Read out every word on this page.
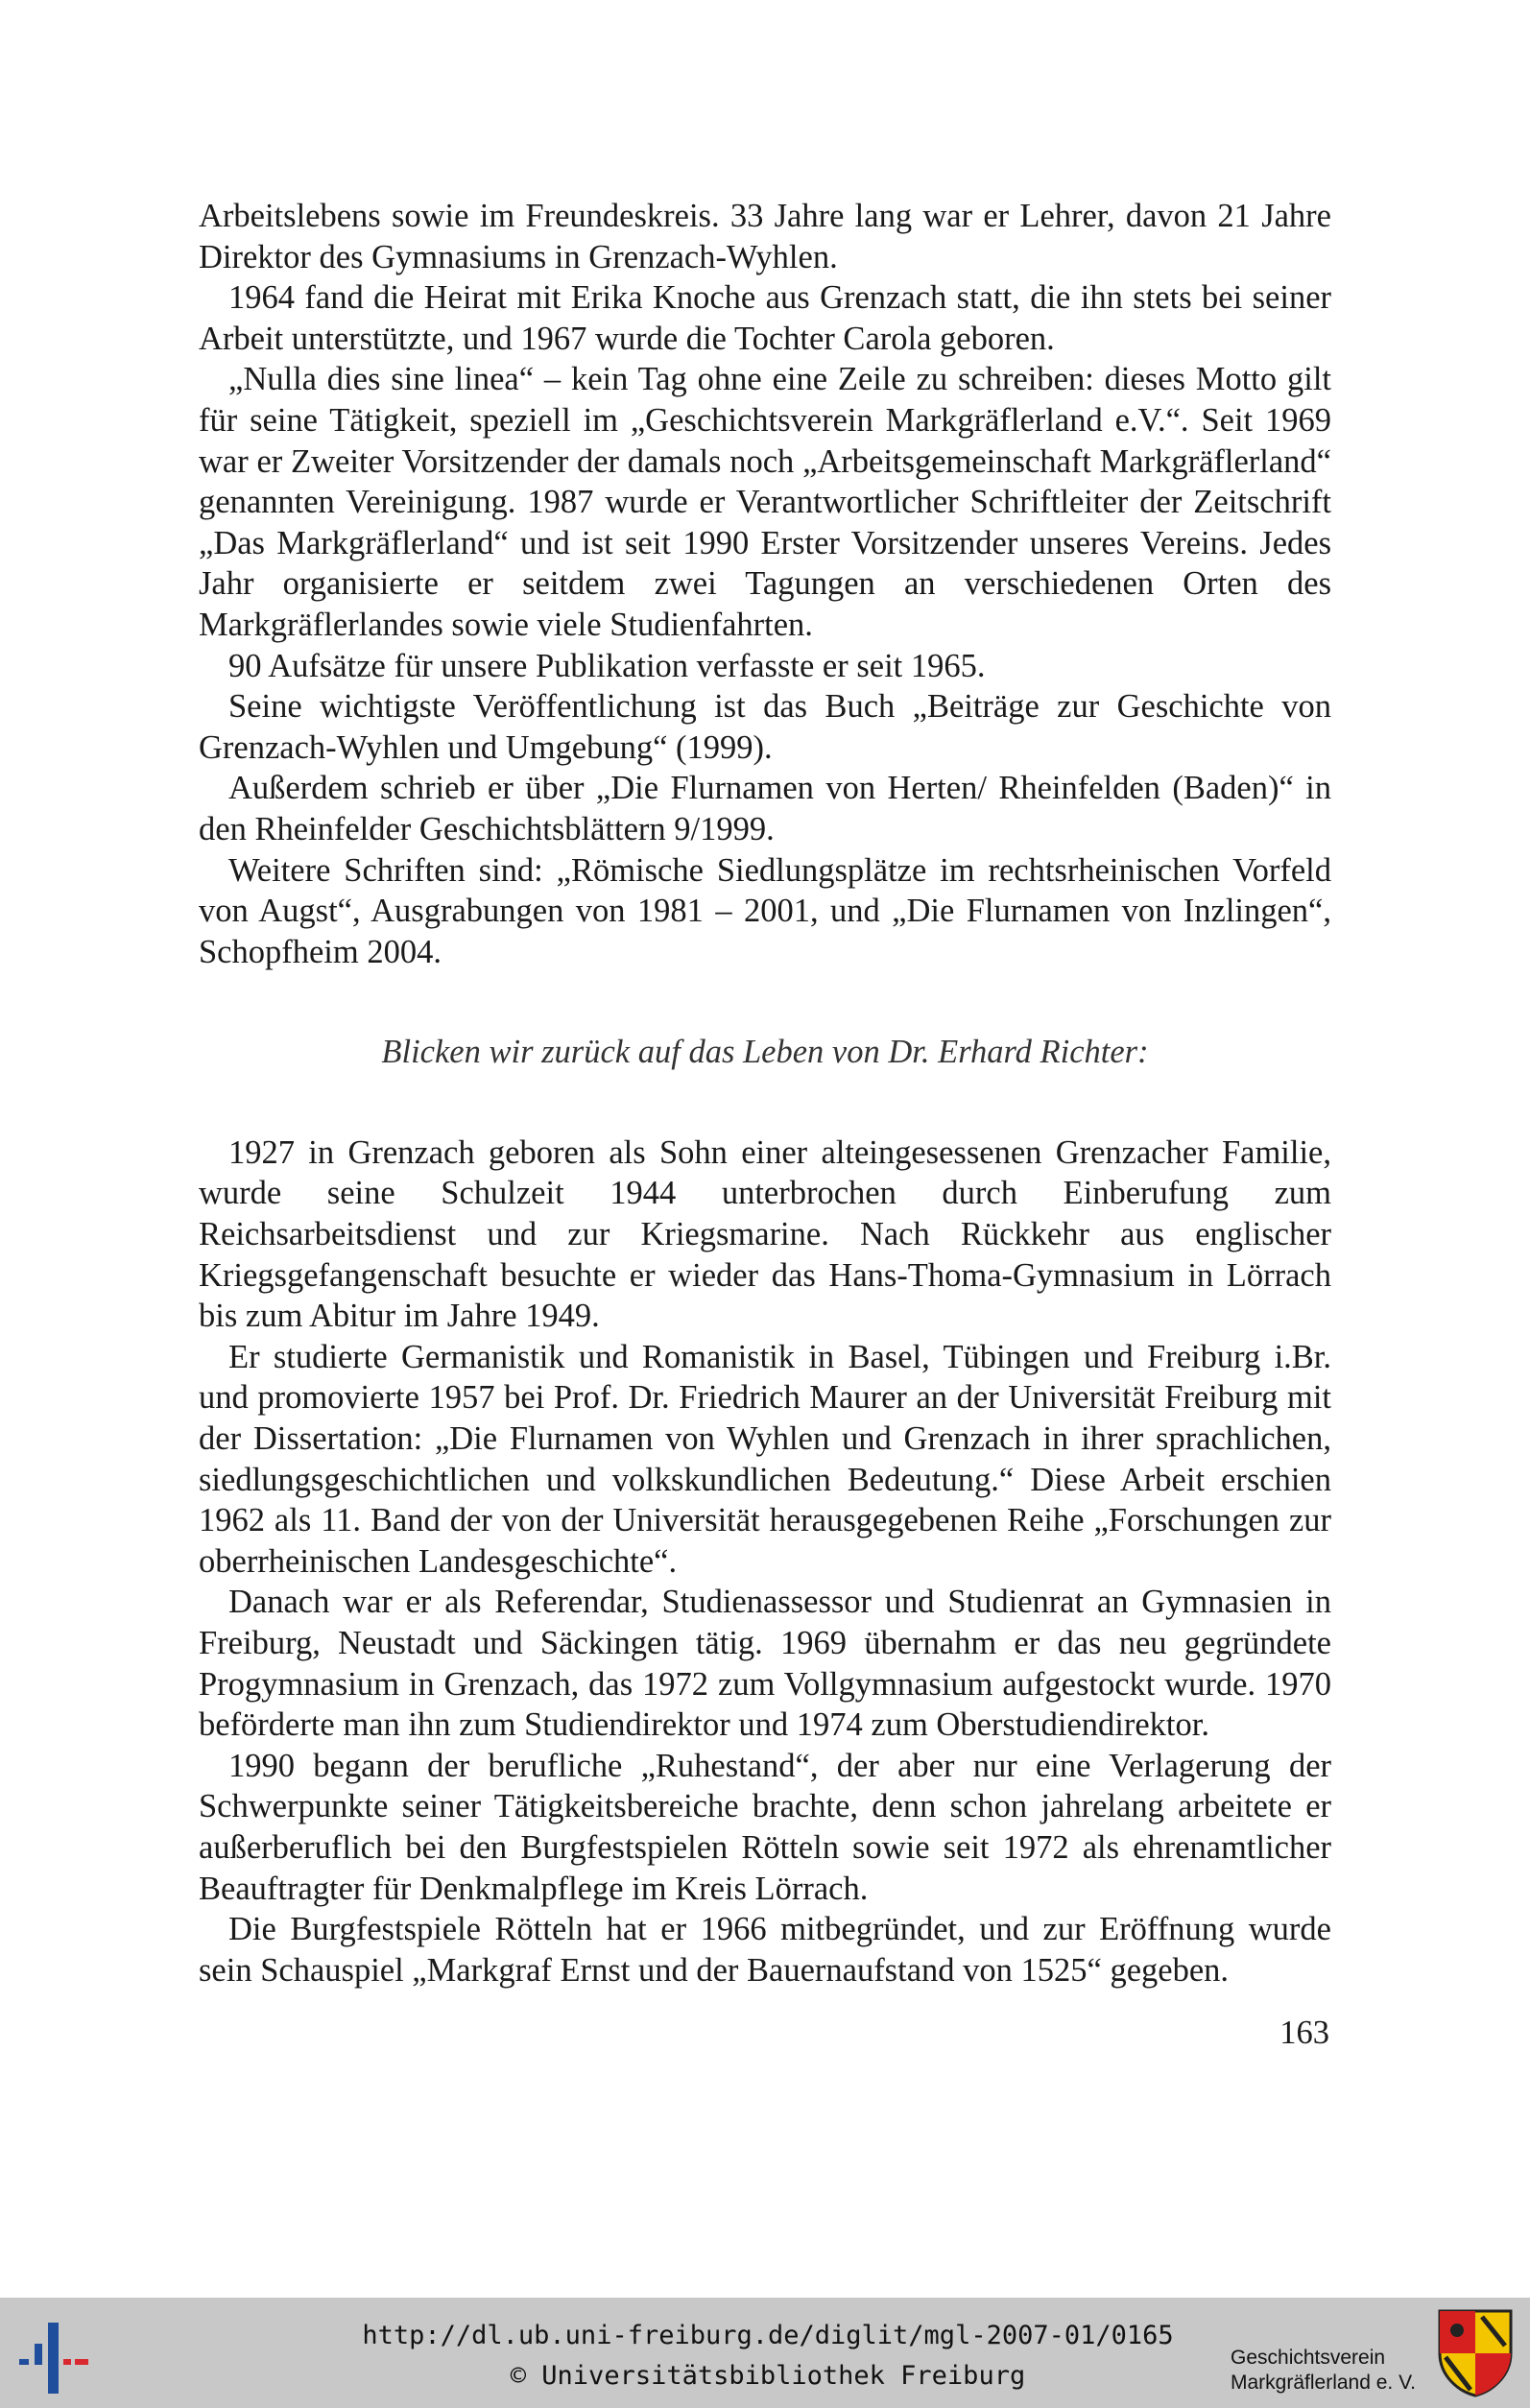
Arbeitslebens sowie im Freundeskreis. 33 Jahre lang war er Lehrer, davon 21 Jahre Direktor des Gymnasiums in Grenzach-Wyhlen.

1964 fand die Heirat mit Erika Knoche aus Grenzach statt, die ihn stets bei seiner Arbeit unterstützte, und 1967 wurde die Tochter Carola geboren.

„Nulla dies sine linea“ – kein Tag ohne eine Zeile zu schreiben: dieses Motto gilt für seine Tätigkeit, speziell im „Geschichtsverein Markgräflerland e.V.“. Seit 1969 war er Zweiter Vorsitzender der damals noch „Arbeitsgemeinschaft Markgräflerland“ genannten Vereinigung. 1987 wurde er Verantwortlicher Schriftleiter der Zeitschrift „Das Markgräflerland“ und ist seit 1990 Erster Vorsitzender unseres Vereins. Jedes Jahr organisierte er seitdem zwei Tagungen an verschiedenen Orten des Markgräflerlandes sowie viele Studienfahrten.

90 Aufsätze für unsere Publikation verfasste er seit 1965.

Seine wichtigste Veröffentlichung ist das Buch „Beiträge zur Geschichte von Grenzach-Wyhlen und Umgebung“ (1999).

Außerdem schrieb er über „Die Flurnamen von Herten/ Rheinfelden (Baden)“ in den Rheinfelder Geschichtsblättern 9/1999.

Weitere Schriften sind: „Römische Siedlungsplätze im rechtsrheinischen Vorfeld von Augst“, Ausgrabungen von 1981 – 2001, und „Die Flurnamen von Inzlingen“, Schopfheim 2004.

Blicken wir zurück auf das Leben von Dr. Erhard Richter:

1927 in Grenzach geboren als Sohn einer alteingesessenen Grenzacher Familie, wurde seine Schulzeit 1944 unterbrochen durch Einberufung zum Reichsarbeitsdienst und zur Kriegsmarine. Nach Rückkehr aus englischer Kriegsgefangenschaft besuchte er wieder das Hans-Thoma-Gymnasium in Lörrach bis zum Abitur im Jahre 1949.

Er studierte Germanistik und Romanistik in Basel, Tübingen und Freiburg i.Br. und promovierte 1957 bei Prof. Dr. Friedrich Maurer an der Universität Freiburg mit der Dissertation: „Die Flurnamen von Wyhlen und Grenzach in ihrer sprachlichen, siedlungsgeschichtlichen und volkskundlichen Bedeutung.“ Diese Arbeit erschien 1962 als 11. Band der von der Universität herausgegebenen Reihe „Forschungen zur oberrheinischen Landesgeschichte“.

Danach war er als Referendar, Studienassessor und Studienrat an Gymnasien in Freiburg, Neustadt und Säckingen tätig. 1969 übernahm er das neu gegründete Progymnasium in Grenzach, das 1972 zum Vollgymnasium aufgestockt wurde. 1970 beförderte man ihn zum Studiendirektor und 1974 zum Oberstudiendirektor.

1990 begann der berufliche „Ruhestand“, der aber nur eine Verlagerung der Schwerpunkte seiner Tätigkeitsbereiche brachte, denn schon jahrelang arbeitete er außerberuflich bei den Burgfestspielen Rötteln sowie seit 1972 als ehrenamtlicher Beauftragter für Denkmalpflege im Kreis Lörrach.

Die Burgfestspiele Rötteln hat er 1966 mitbegründet, und zur Eröffnung wurde sein Schauspiel „Markgraf Ernst und der Bauernaufstand von 1525“ gegeben.

163
http://dl.ub.uni-freiburg.de/diglit/mgl-2007-01/0165
© Universitätsbibliothek Freiburg
Geschichtsverein
Markgräflerland e. V.
